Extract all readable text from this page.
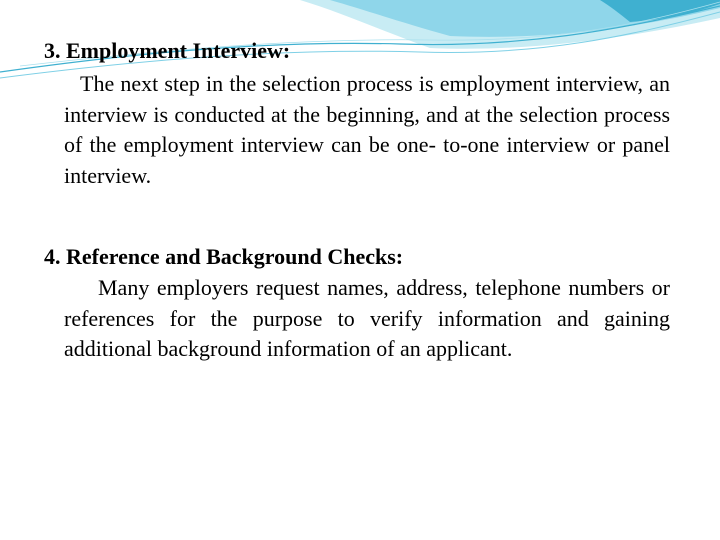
3. Employment Interview:

The next step in the selection process is employment interview, an interview is conducted at the beginning, and at the selection process of the employment interview can be one- to-one interview or panel interview.

4. Reference and Background Checks:

Many employers request names, address, telephone numbers or references for the purpose to verify information and gaining additional background information of an applicant.
